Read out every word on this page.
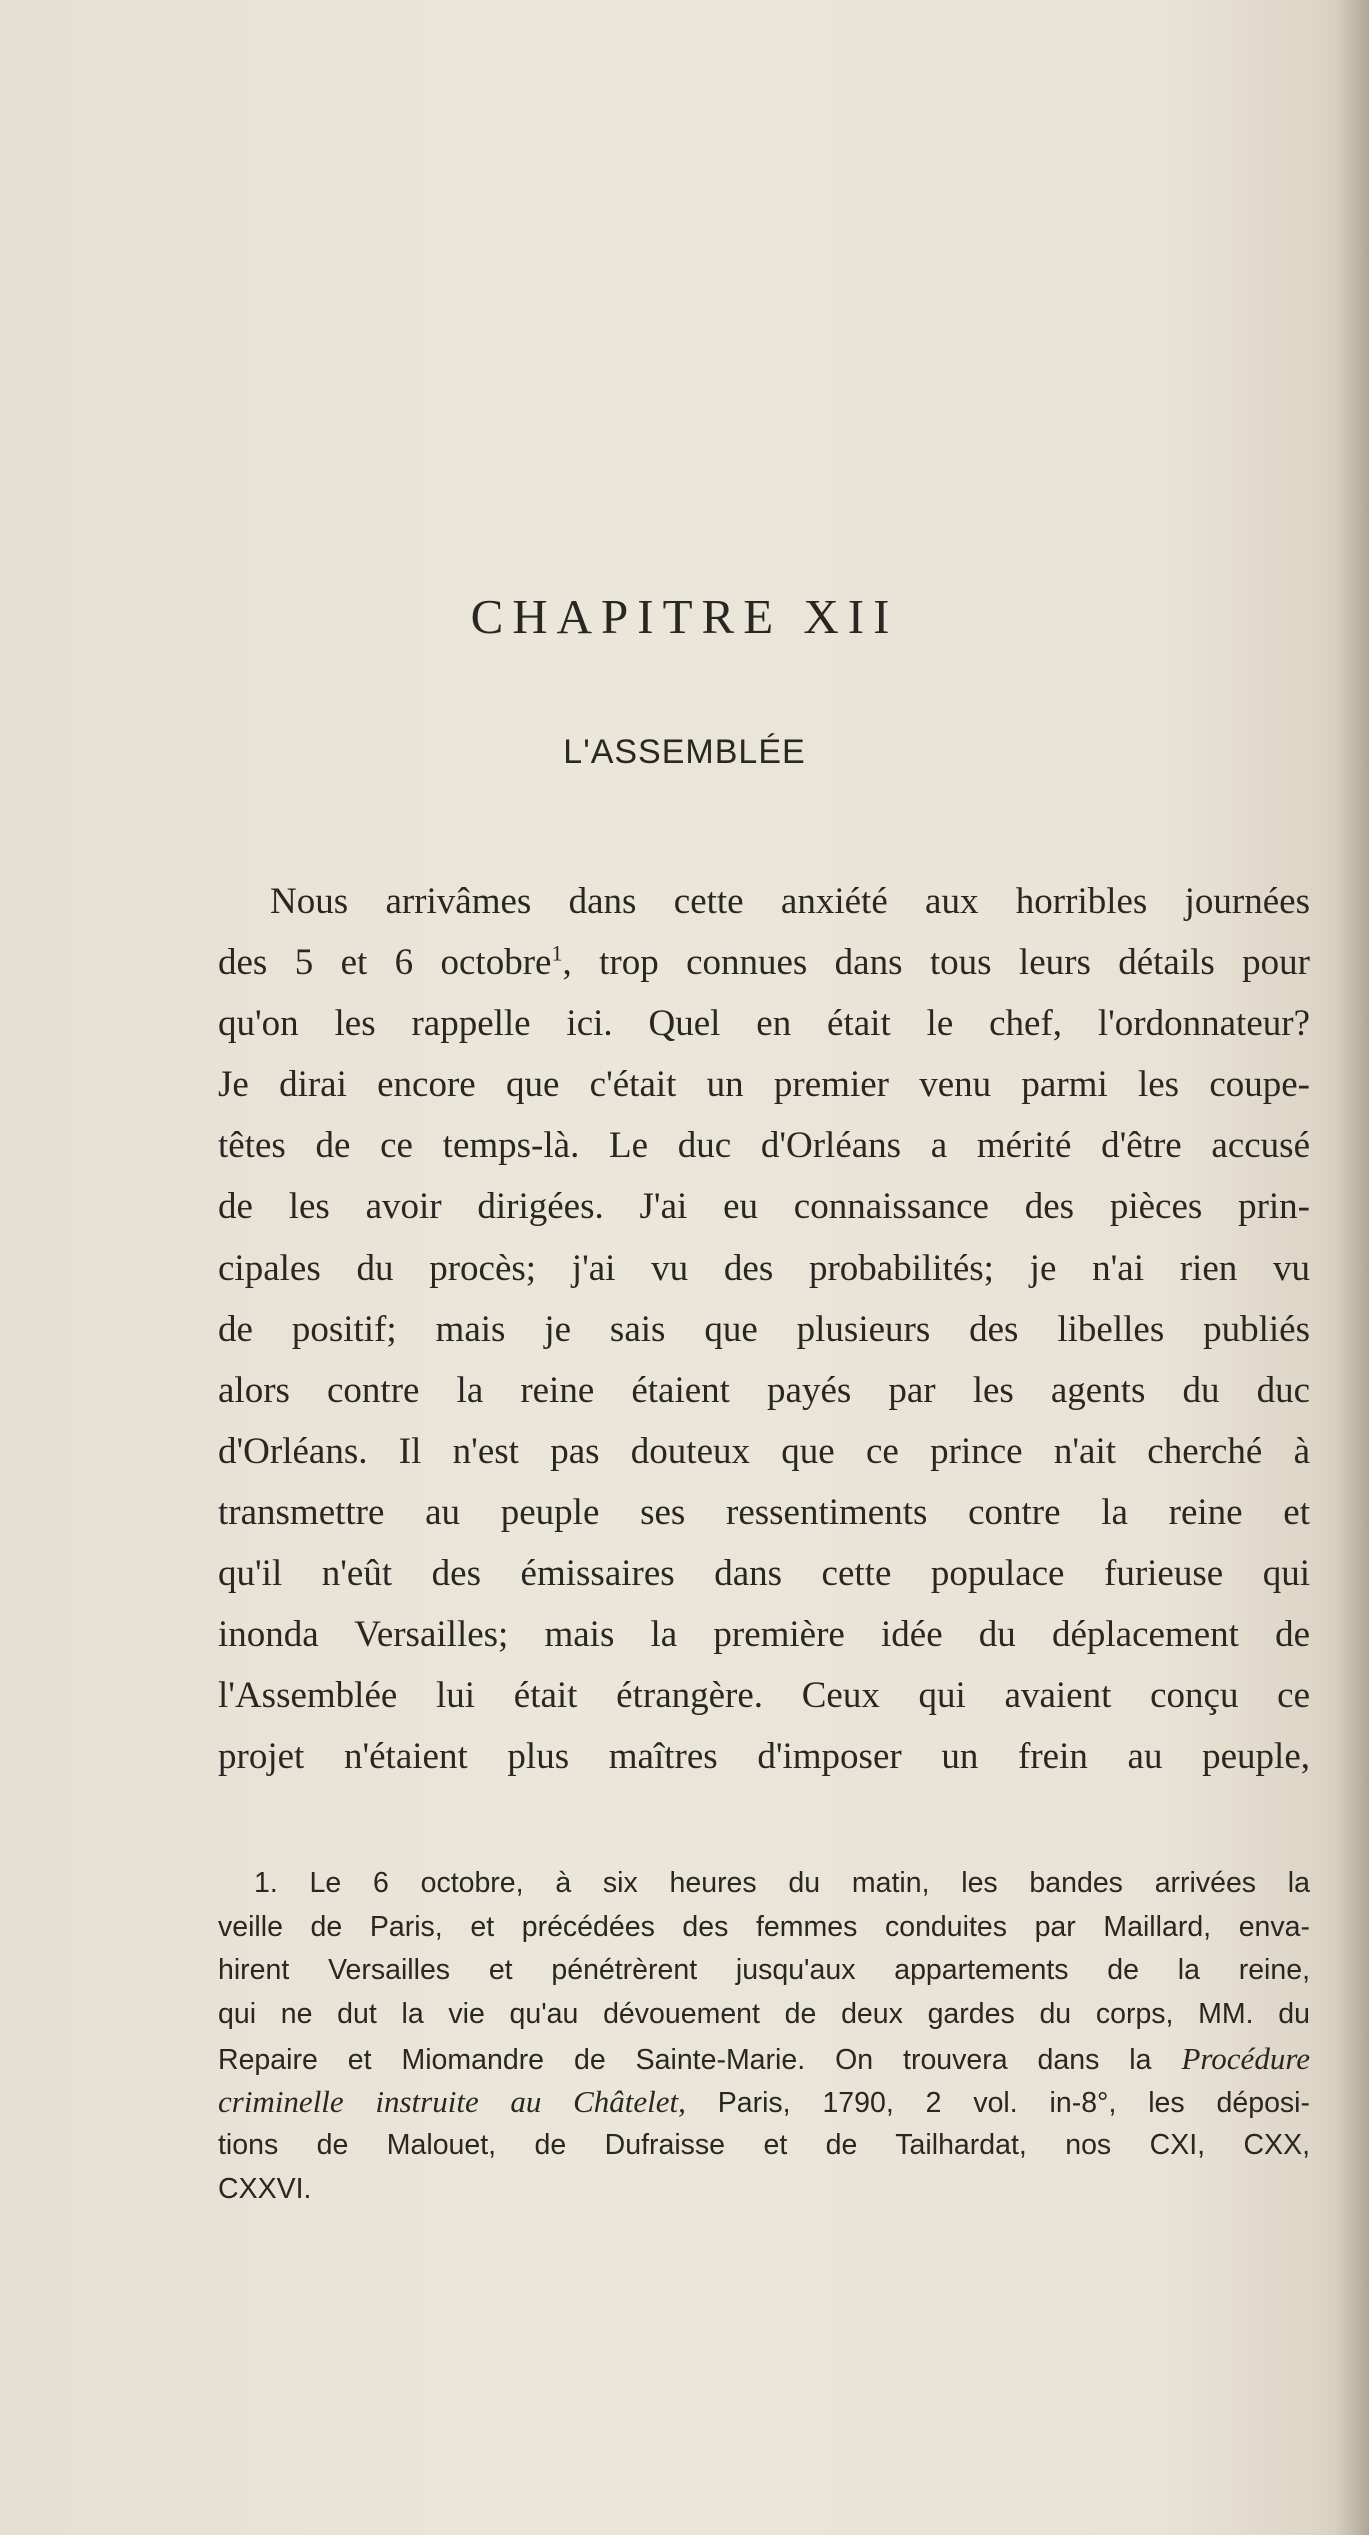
CHAPITRE XII
L'ASSEMBLÉE
Nous arrivâmes dans cette anxiété aux horribles journées
des 5 et 6 octobre$^1$, trop connues dans tous leurs détails pour
qu'on les rappelle ici. Quel en était le chef, l'ordonnateur?
Je dirai encore que c'était un premier venu parmi les coupe-
têtes de ce temps-là. Le duc d'Orléans a mérité d'être accusé
de les avoir dirigées. J'ai eu connaissance des pièces prin-
cipales du procès; j'ai vu des probabilités; je n'ai rien vu
de positif; mais je sais que plusieurs des libelles publiés
alors contre la reine étaient payés par les agents du duc
d'Orléans. Il n'est pas douteux que ce prince n'ait cherché à
transmettre au peuple ses ressentiments contre la reine et
qu'il n'eût des émissaires dans cette populace furieuse qui
inonda Versailles; mais la première idée du déplacement de
l'Assemblée lui était étrangère. Ceux qui avaient conçu ce
projet n'étaient plus maîtres d'imposer un frein au peuple,
1. Le 6 octobre, à six heures du matin, les bandes arrivées la
veille de Paris, et précédées des femmes conduites par Maillard, enva-
hirent Versailles et pénétrèrent jusqu'aux appartements de la reine,
qui ne dut la vie qu'au dévouement de deux gardes du corps, MM. du
Repaire et Miomandre de Sainte-Marie. On trouvera dans la Procédure
criminelle instruite au Châtelet, Paris, 1790, 2 vol. in-8°, les déposi-
tions de Malouet, de Dufraisse et de Tailhardat, nos CXI, CXX,
CXXVI.
